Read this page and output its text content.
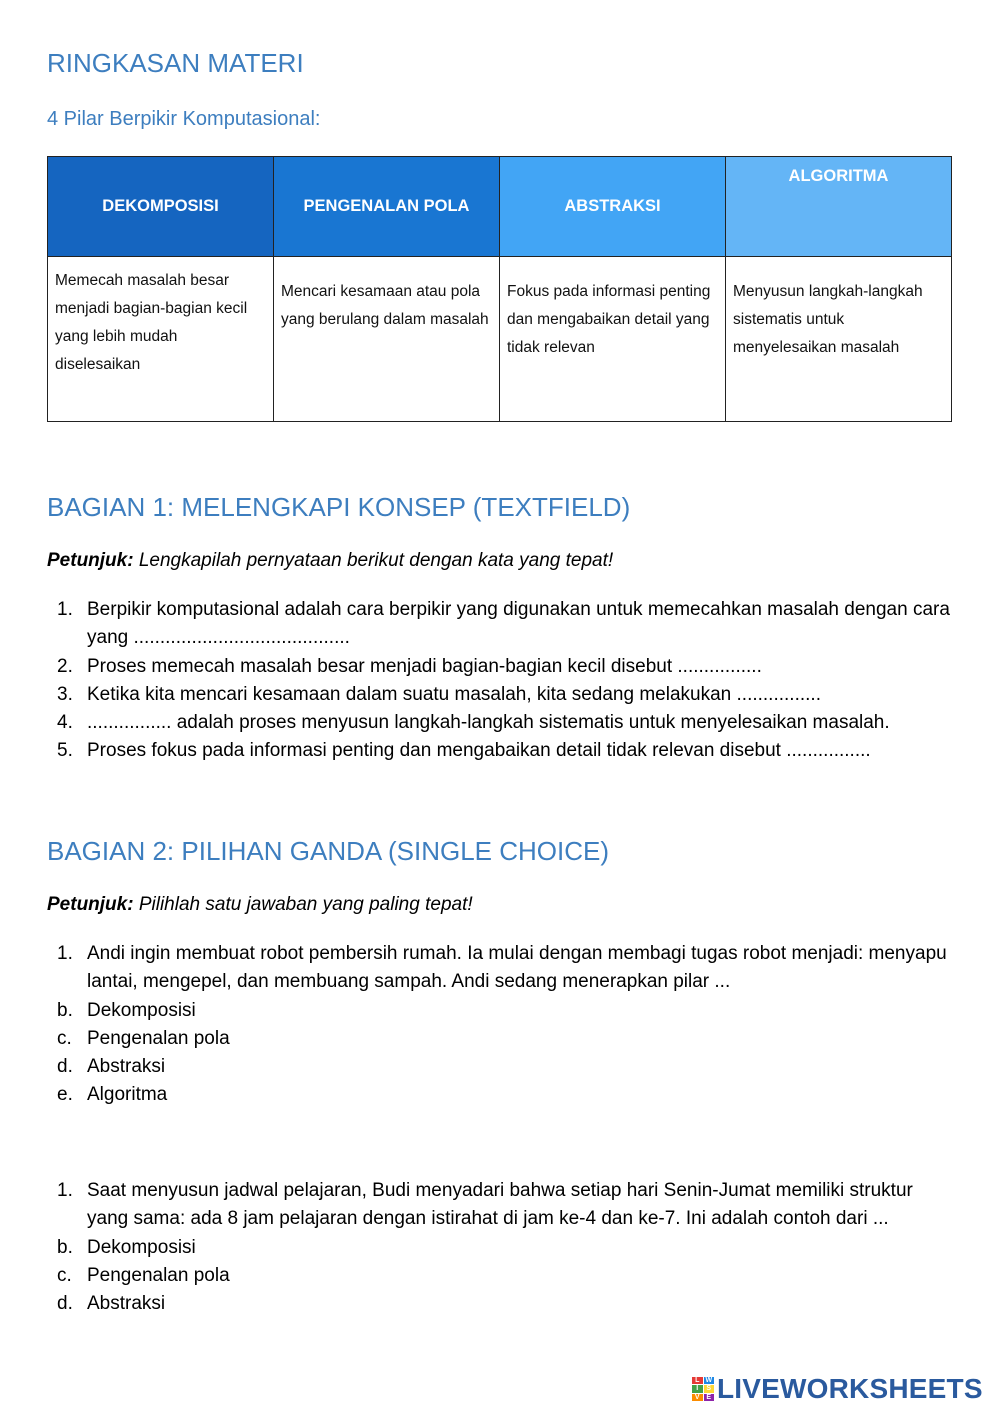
RINGKASAN MATERI
4 Pilar Berpikir Komputasional:
DEKOMPOSISI	PENGENALAN POLA	ABSTRAKSI	ALGORITMA
Memecah masalah besar menjadi bagian-bagian kecil yang lebih mudah diselesaikan	Mencari kesamaan atau pola yang berulang dalam masalah	Fokus pada informasi penting dan mengabaikan detail yang tidak relevan	Menyusun langkah-langkah sistematis untuk menyelesaikan masalah
BAGIAN 1: MELENGKAPI KONSEP (TEXTFIELD)

Petunjuk: Lengkapilah pernyataan berikut dengan kata yang tepat!

1. Berpikir komputasional adalah cara berpikir yang digunakan untuk memecahkan masalah dengan cara yang .........................................
2. Proses memecah masalah besar menjadi bagian-bagian kecil disebut ................
3. Ketika kita mencari kesamaan dalam suatu masalah, kita sedang melakukan ................
4. ................ adalah proses menyusun langkah-langkah sistematis untuk menyelesaikan masalah.
5. Proses fokus pada informasi penting dan mengabaikan detail tidak relevan disebut ................
BAGIAN 2: PILIHAN GANDA (SINGLE CHOICE)

Petunjuk: Pilihlah satu jawaban yang paling tepat!

1. Andi ingin membuat robot pembersih rumah. Ia mulai dengan membagi tugas robot menjadi: menyapu lantai, mengepel, dan membuang sampah. Andi sedang menerapkan pilar ...
b. Dekomposisi
c. Pengenalan pola
d. Abstraksi
e. Algoritma
1. Saat menyusun jadwal pelajaran, Budi menyadari bahwa setiap hari Senin-Jumat memiliki struktur yang sama: ada 8 jam pelajaran dengan istirahat di jam ke-4 dan ke-7. Ini adalah contoh dari ...
b. Dekomposisi
c. Pengenalan pola
d. Abstraksi
L W
I	S
V E LIVEWORKSHEETS
